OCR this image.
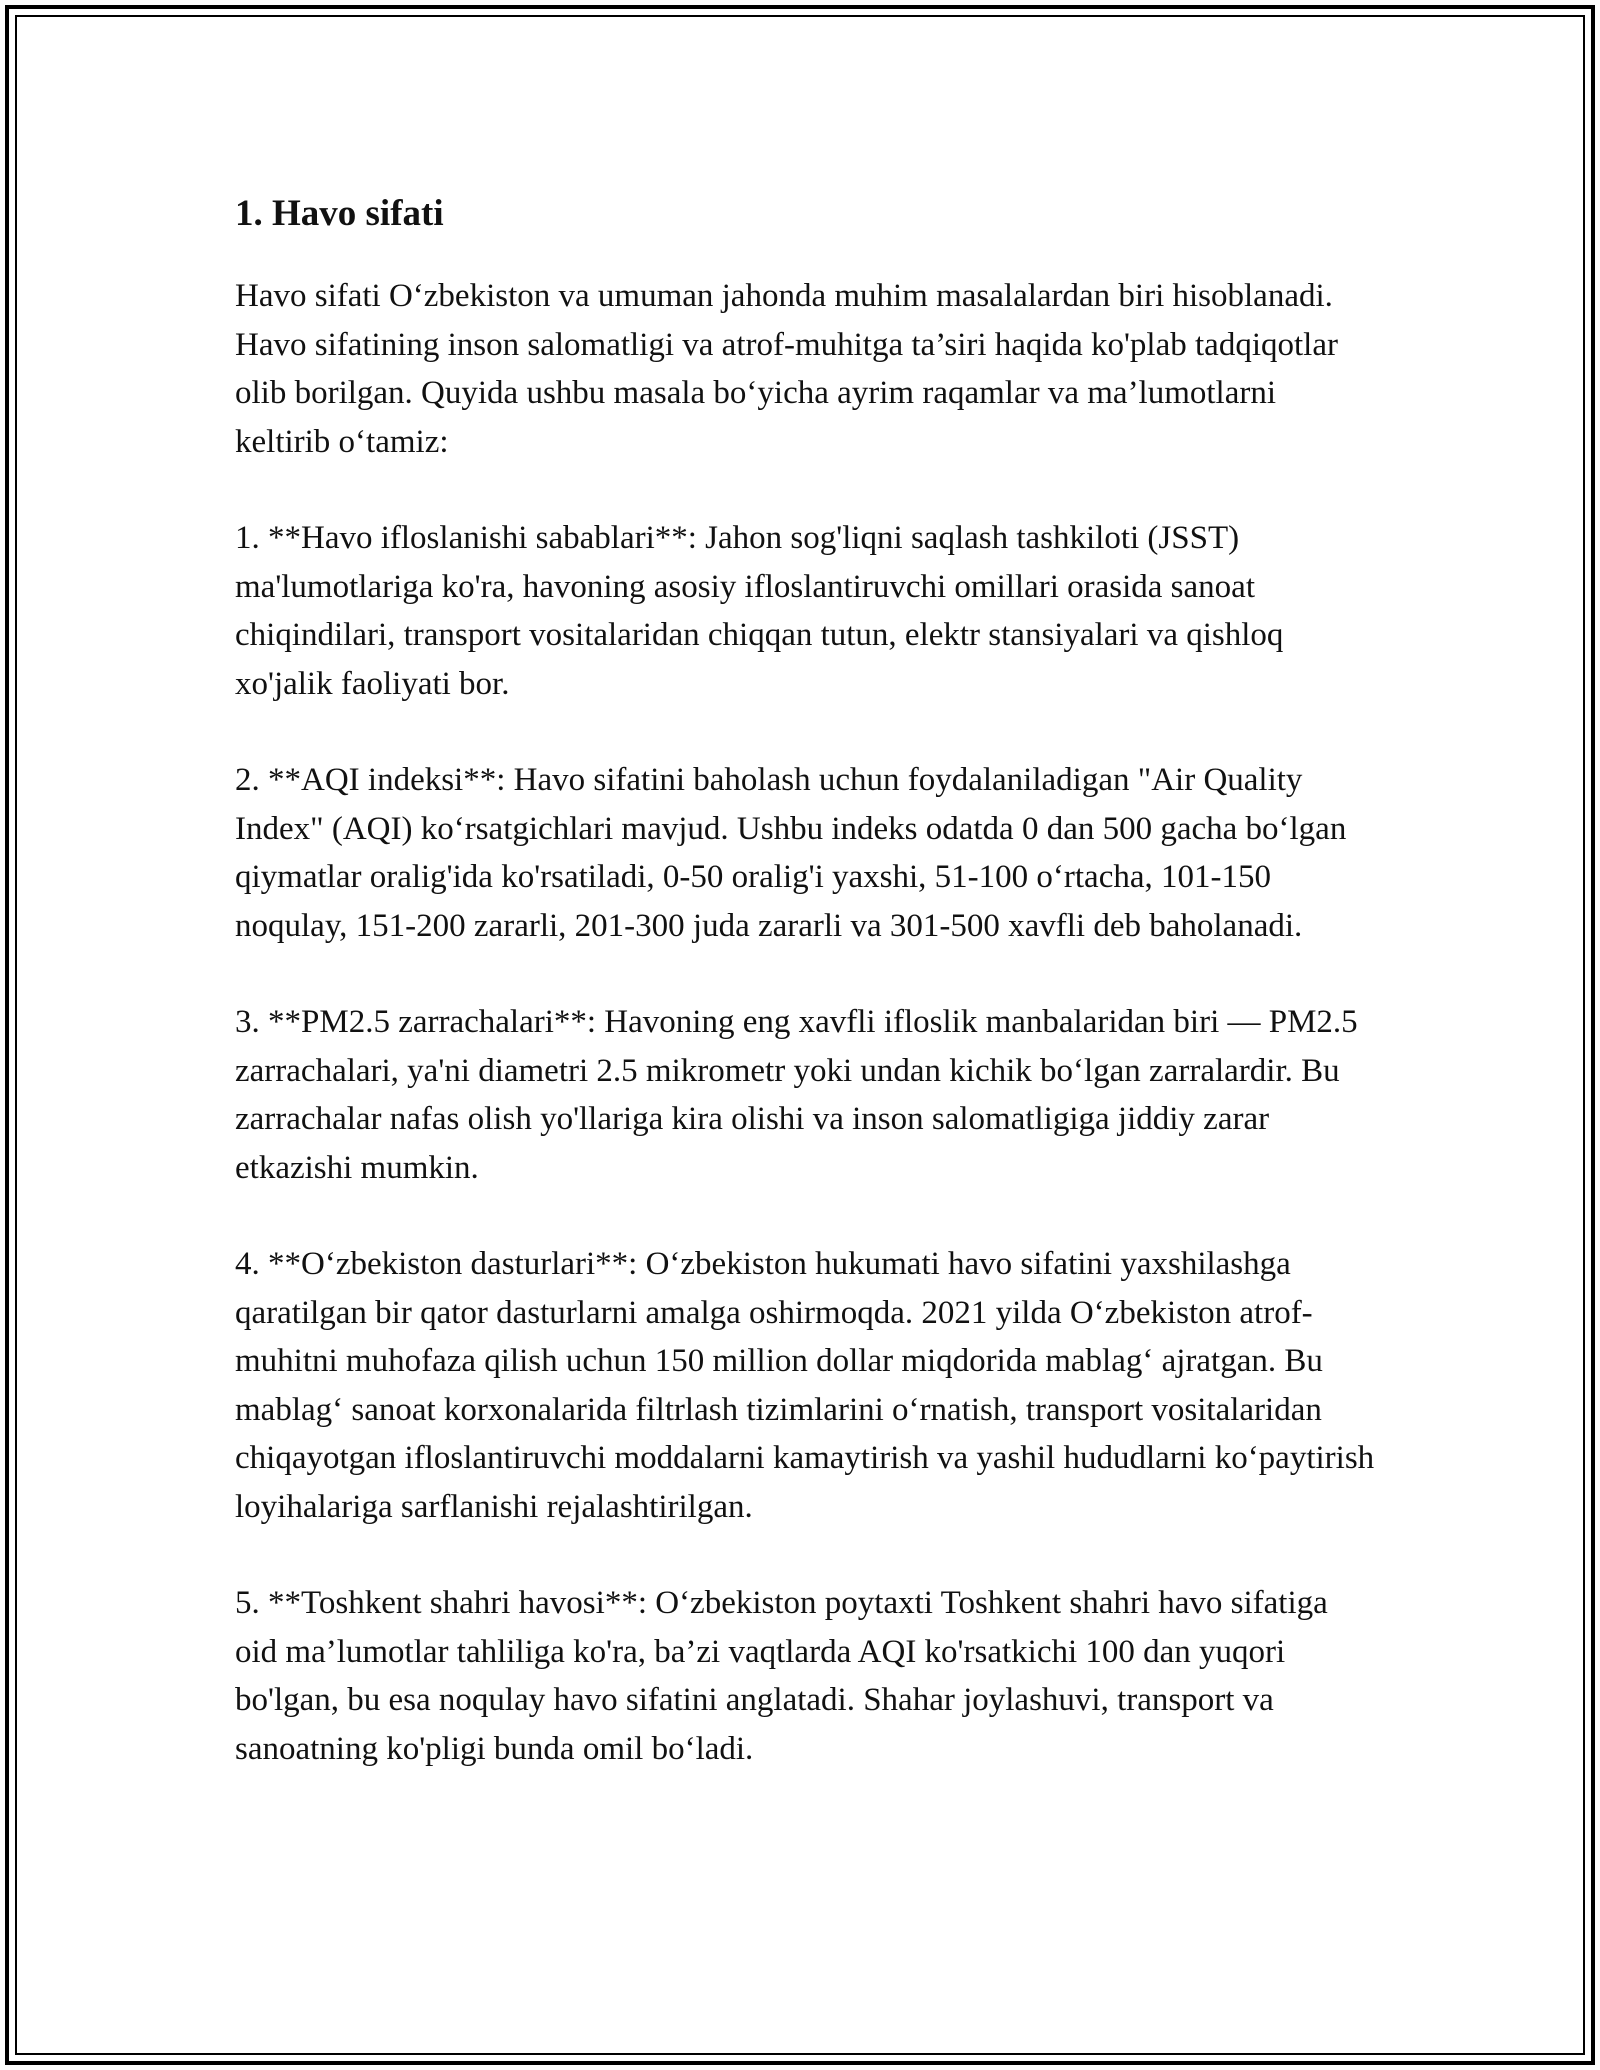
1. Havo sifati

Havo sifati O‘zbekiston va umuman jahonda muhim masalalardan biri hisoblanadi. Havo sifatining inson salomatligi va atrof-muhitga ta’siri haqida ko'plab tadqiqotlar olib borilgan. Quyida ushbu masala bo‘yicha ayrim raqamlar va ma’lumotlarni keltirib o‘tamiz:

1. **Havo ifloslanishi sabablari**: Jahon sog'liqni saqlash tashkiloti (JSST) ma'lumotlariga ko'ra, havoning asosiy ifloslantiruvchi omillari orasida sanoat chiqindilari, transport vositalaridan chiqqan tutun, elektr stansiyalari va qishloq xo'jalik faoliyati bor.

2. **AQI indeksi**: Havo sifatini baholash uchun foydalaniladigan "Air Quality Index" (AQI) ko‘rsatgichlari mavjud. Ushbu indeks odatda 0 dan 500 gacha bo‘lgan qiymatlar oralig'ida ko'rsatiladi, 0-50 oralig'i yaxshi, 51-100 o‘rtacha, 101-150 noqulay, 151-200 zararli, 201-300 juda zararli va 301-500 xavfli deb baholanadi.

3. **PM2.5 zarrachalari**: Havoning eng xavfli ifloslik manbalaridan biri — PM2.5 zarrachalari, ya'ni diametri 2.5 mikrometr yoki undan kichik bo‘lgan zarralardir. Bu zarrachalar nafas olish yo'llariga kira olishi va inson salomatligiga jiddiy zarar etkazishi mumkin.

4. **O‘zbekiston dasturlari**: O‘zbekiston hukumati havo sifatini yaxshilashga qaratilgan bir qator dasturlarni amalga oshirmoqda. 2021 yilda O‘zbekiston atrof-muhitni muhofaza qilish uchun 150 million dollar miqdorida mablag‘ ajratgan. Bu mablag‘ sanoat korxonalarida filtrlash tizimlarini o‘rnatish, transport vositalaridan chiqayotgan ifloslantiruvchi moddalarni kamaytirish va yashil hududlarni ko‘paytirish loyihalariga sarflanishi rejalashtirilgan.

5. **Toshkent shahri havosi**: O‘zbekiston poytaxti Toshkent shahri havo sifatiga oid ma’lumotlar tahliliga ko'ra, ba’zi vaqtlarda AQI ko'rsatkichi 100 dan yuqori bo'lgan, bu esa noqulay havo sifatini anglatadi. Shahar joylashuvi, transport va sanoatning ko'pligi bunda omil bo‘ladi.
